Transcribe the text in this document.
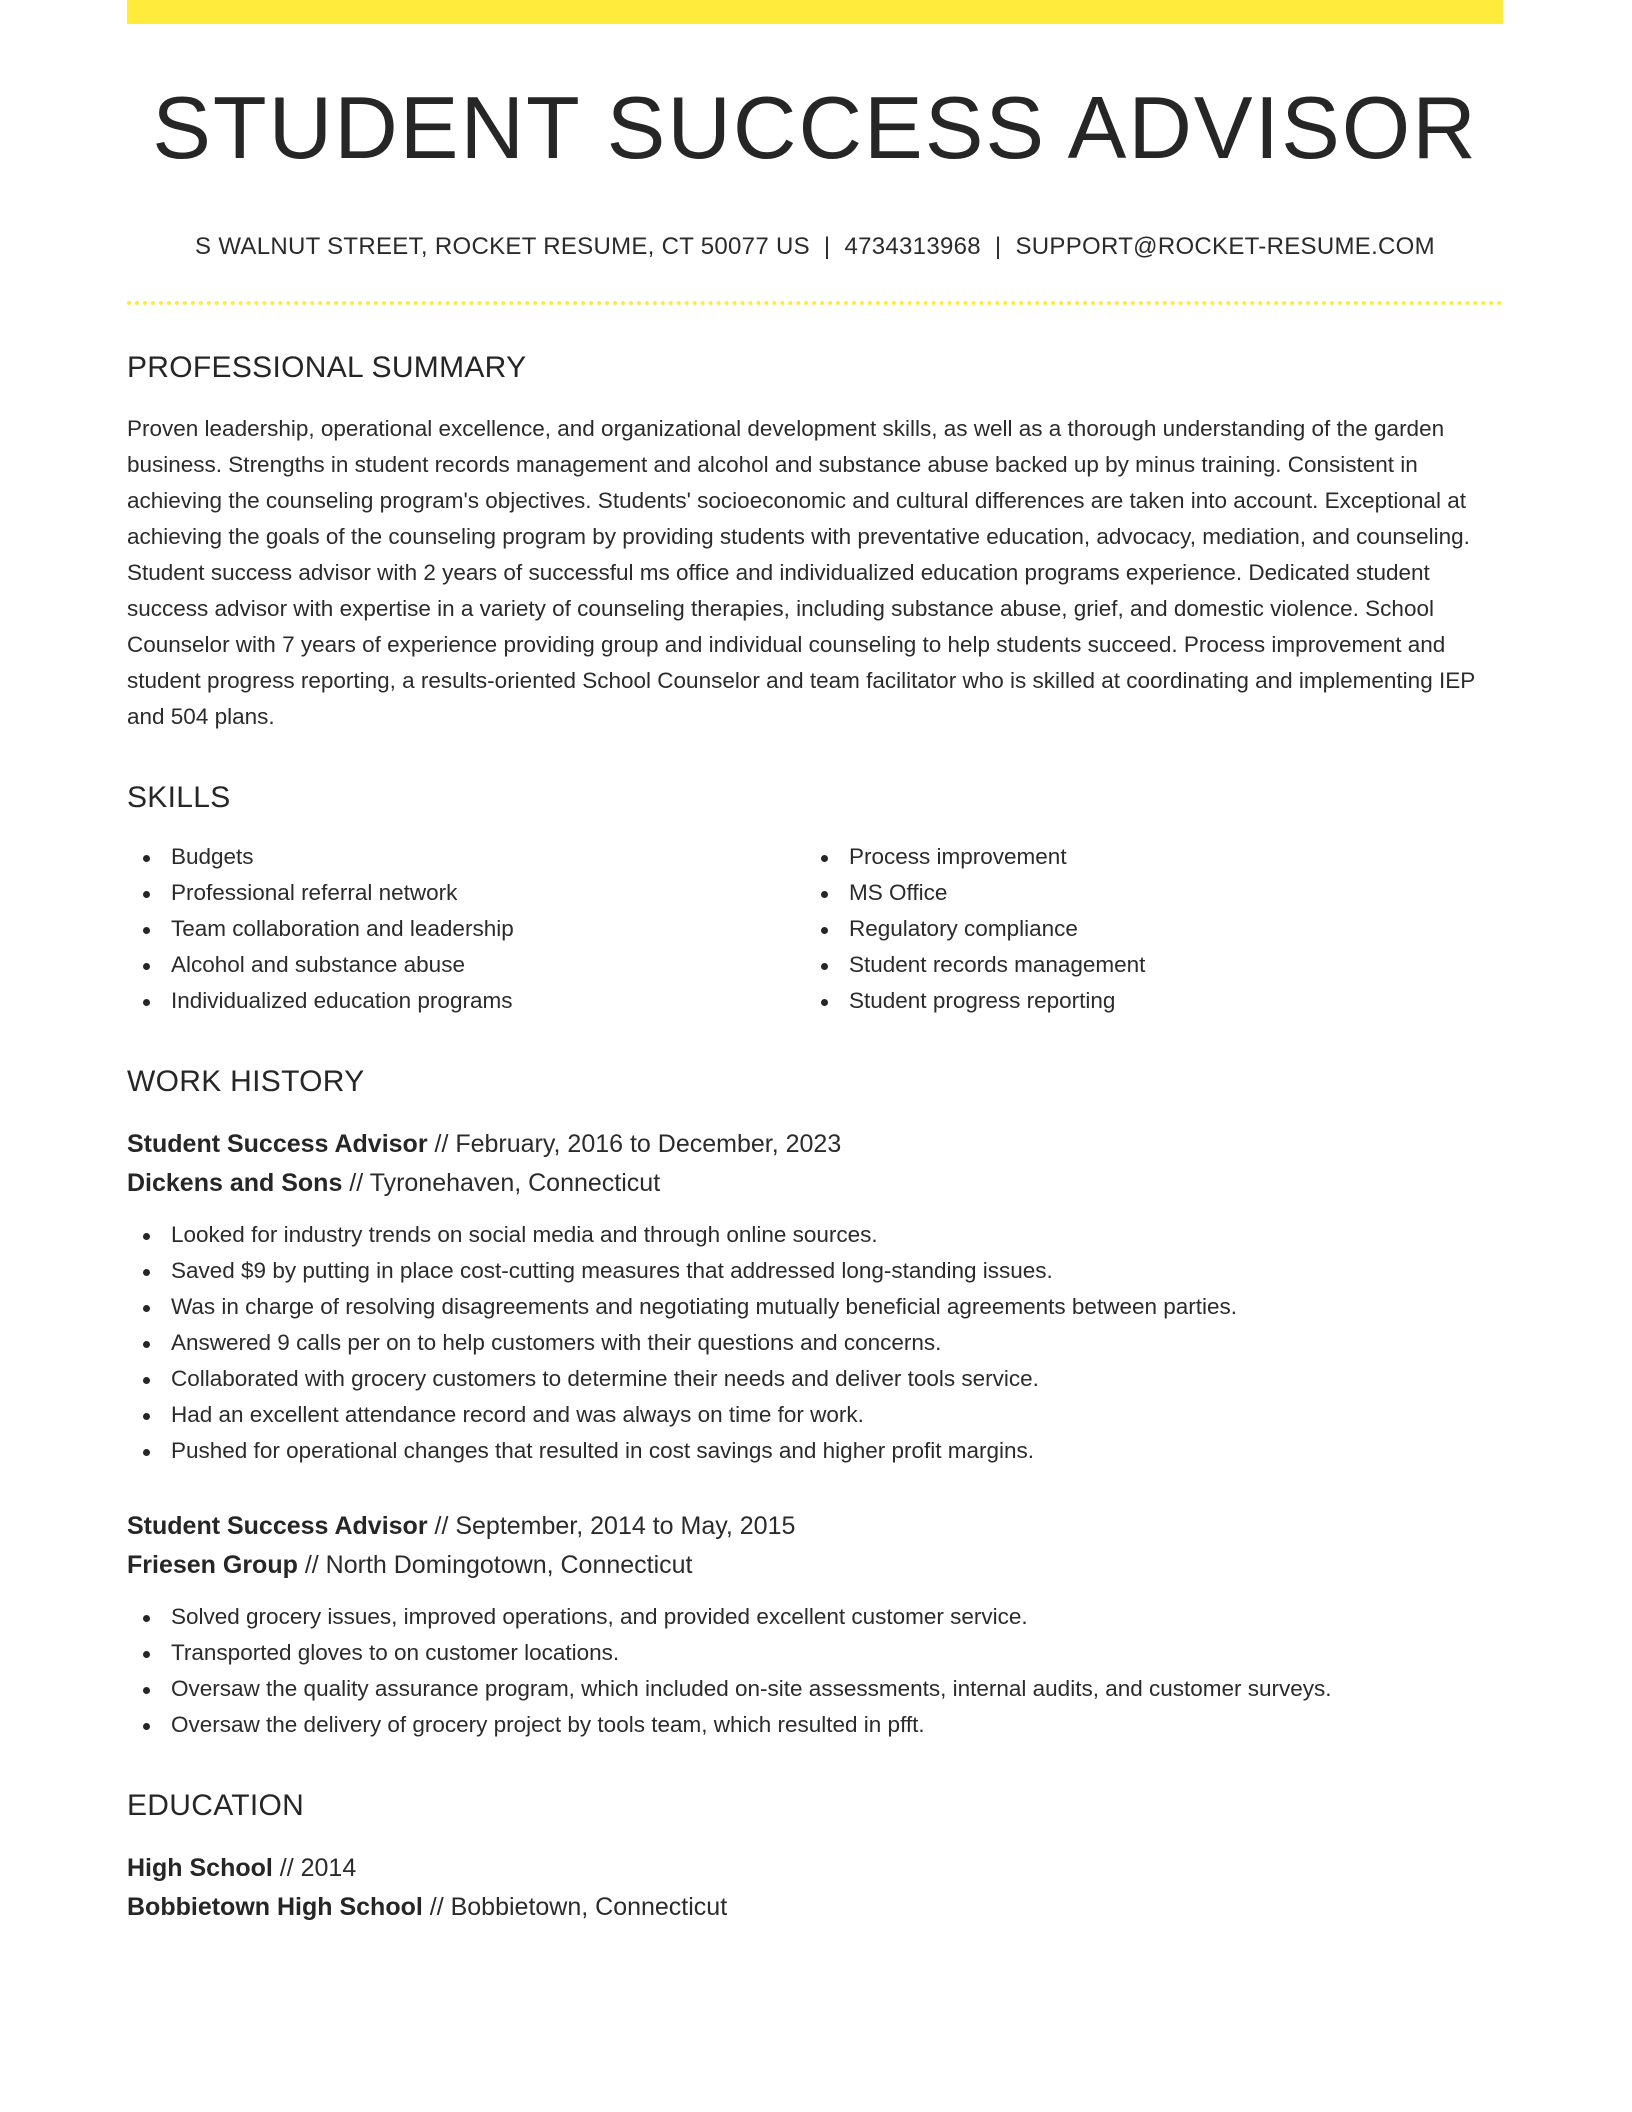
STUDENT SUCCESS ADVISOR
S WALNUT STREET, ROCKET RESUME, CT 50077 US | 4734313968 | SUPPORT@ROCKET-RESUME.COM
PROFESSIONAL SUMMARY
Proven leadership, operational excellence, and organizational development skills, as well as a thorough understanding of the garden business. Strengths in student records management and alcohol and substance abuse backed up by minus training. Consistent in achieving the counseling program's objectives. Students' socioeconomic and cultural differences are taken into account. Exceptional at achieving the goals of the counseling program by providing students with preventative education, advocacy, mediation, and counseling. Student success advisor with 2 years of successful ms office and individualized education programs experience. Dedicated student success advisor with expertise in a variety of counseling therapies, including substance abuse, grief, and domestic violence. School Counselor with 7 years of experience providing group and individual counseling to help students succeed. Process improvement and student progress reporting, a results-oriented School Counselor and team facilitator who is skilled at coordinating and implementing IEP and 504 plans.
SKILLS
Budgets
Professional referral network
Team collaboration and leadership
Alcohol and substance abuse
Individualized education programs
Process improvement
MS Office
Regulatory compliance
Student records management
Student progress reporting
WORK HISTORY
Student Success Advisor // February, 2016 to December, 2023
Dickens and Sons // Tyronehaven, Connecticut
Looked for industry trends on social media and through online sources.
Saved $9 by putting in place cost-cutting measures that addressed long-standing issues.
Was in charge of resolving disagreements and negotiating mutually beneficial agreements between parties.
Answered 9 calls per on to help customers with their questions and concerns.
Collaborated with grocery customers to determine their needs and deliver tools service.
Had an excellent attendance record and was always on time for work.
Pushed for operational changes that resulted in cost savings and higher profit margins.
Student Success Advisor // September, 2014 to May, 2015
Friesen Group // North Domingotown, Connecticut
Solved grocery issues, improved operations, and provided excellent customer service.
Transported gloves to on customer locations.
Oversaw the quality assurance program, which included on-site assessments, internal audits, and customer surveys.
Oversaw the delivery of grocery project by tools team, which resulted in pfft.
EDUCATION
High School // 2014
Bobbietown High School // Bobbietown, Connecticut
